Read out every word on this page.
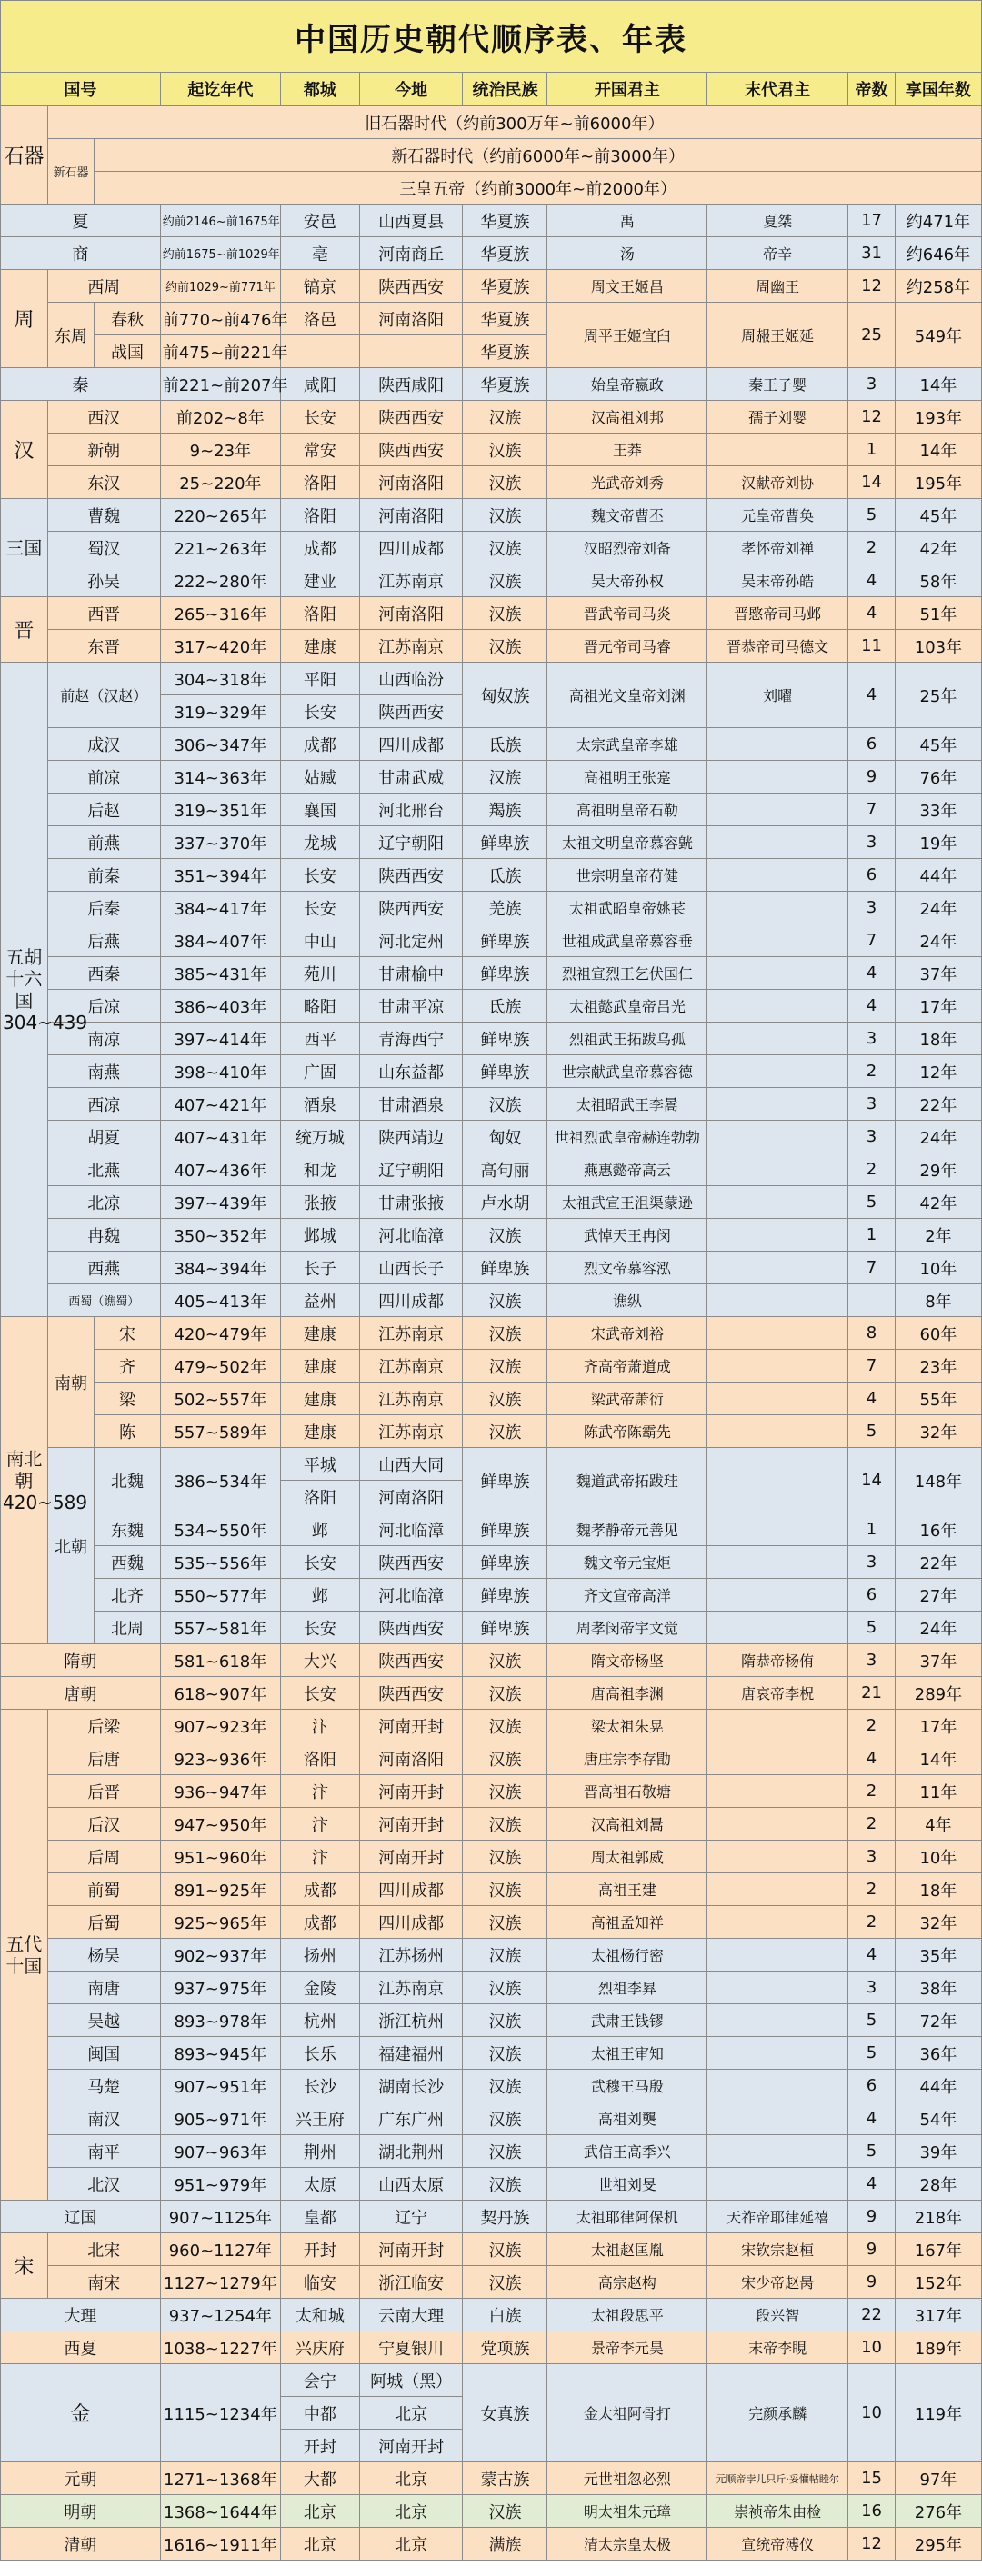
中国历史朝代顺序表、年表
国号			起讫年代	都城	今地	统治民族	开国君主	末代君主	帝数	享国年数
石器	旧石器时代（约前300万年~前6000年）									
	新石器	新石器时代（约前6000年~前3000年）								
		三皇五帝（约前3000年~前2000年）								
夏			约前2146~前1675年	安邑	山西夏县	华夏族	禹	夏桀	17	约471年
商			约前1675~前1029年	亳	河南商丘	华夏族	汤	帝辛	31	约646年
周	西周		约前1029~前771年	镐京	陕西西安	华夏族	周文王姬昌	周幽王	12	约258年
	东周	春秋	前770~前476年	洛邑	河南洛阳	华夏族	周平王姬宜臼	周赧王姬延	25	549年
		战国	前475~前221年			华夏族				
秦			前221~前207年	咸阳	陕西咸阳	华夏族	始皇帝嬴政	秦王子婴	3	14年
汉	西汉		前202~8年	长安	陕西西安	汉族	汉高祖刘邦	孺子刘婴	12	193年
	新朝		9~23年	常安	陕西西安	汉族	王莽		1	14年
	东汉		25~220年	洛阳	河南洛阳	汉族	光武帝刘秀	汉献帝刘协	14	195年
三国	曹魏		220~265年	洛阳	河南洛阳	汉族	魏文帝曹丕	元皇帝曹奂	5	45年
	蜀汉		221~263年	成都	四川成都	汉族	汉昭烈帝刘备	孝怀帝刘禅	2	42年
	孙吴		222~280年	建业	江苏南京	汉族	吴大帝孙权	吴末帝孙皓	4	58年
晋	西晋		265~316年	洛阳	河南洛阳	汉族	晋武帝司马炎	晋愍帝司马邺	4	51年
	东晋		317~420年	建康	江苏南京	汉族	晋元帝司马睿	晋恭帝司马德文	11	103年
五胡十六国304~439	前赵（汉赵）		304~318年	平阳	山西临汾	匈奴族	高祖光文皇帝刘渊	刘曜	4	25年
			319~329年	长安	陕西西安					
	成汉		306~347年	成都	四川成都	氐族	太宗武皇帝李雄		6	45年
	前凉		314~363年	姑臧	甘肃武威	汉族	高祖明王张寔		9	76年
	后赵		319~351年	襄国	河北邢台	羯族	高祖明皇帝石勒		7	33年
	前燕		337~370年	龙城	辽宁朝阳	鲜卑族	太祖文明皇帝慕容皝		3	19年
	前秦		351~394年	长安	陕西西安	氐族	世宗明皇帝苻健		6	44年
	后秦		384~417年	长安	陕西西安	羌族	太祖武昭皇帝姚苌		3	24年
	后燕		384~407年	中山	河北定州	鲜卑族	世祖成武皇帝慕容垂		7	24年
	西秦		385~431年	苑川	甘肃榆中	鲜卑族	烈祖宣烈王乞伏国仁		4	37年
	后凉		386~403年	略阳	甘肃平凉	氐族	太祖懿武皇帝吕光		4	17年
	南凉		397~414年	西平	青海西宁	鲜卑族	烈祖武王拓跋乌孤		3	18年
	南燕		398~410年	广固	山东益都	鲜卑族	世宗献武皇帝慕容德		2	12年
	西凉		407~421年	酒泉	甘肃酒泉	汉族	太祖昭武王李暠		3	22年
	胡夏		407~431年	统万城	陕西靖边	匈奴	世祖烈武皇帝赫连勃勃		3	24年
	北燕		407~436年	和龙	辽宁朝阳	高句丽	燕惠懿帝高云		2	29年
	北凉		397~439年	张掖	甘肃张掖	卢水胡	太祖武宣王沮渠蒙逊		5	42年
	冉魏		350~352年	邺城	河北临漳	汉族	武悼天王冉闵		1	2年
	西燕		384~394年	长子	山西长子	鲜卑族	烈文帝慕容泓		7	10年
	西蜀（谯蜀）		405~413年	益州	四川成都	汉族	谯纵			8年
南北朝420~589	南朝	宋	420~479年	建康	江苏南京	汉族	宋武帝刘裕		8	60年
		齐	479~502年	建康	江苏南京	汉族	齐高帝萧道成		7	23年
		梁	502~557年	建康	江苏南京	汉族	梁武帝萧衍		4	55年
		陈	557~589年	建康	江苏南京	汉族	陈武帝陈霸先		5	32年
	北朝	北魏	386~534年	平城	山西大同	鲜卑族	魏道武帝拓跋珪		14	148年
				洛阳	河南洛阳					
		东魏	534~550年	邺	河北临漳	鲜卑族	魏孝静帝元善见		1	16年
		西魏	535~556年	长安	陕西西安	鲜卑族	魏文帝元宝炬		3	22年
		北齐	550~577年	邺	河北临漳	鲜卑族	齐文宣帝高洋		6	27年
		北周	557~581年	长安	陕西西安	鲜卑族	周孝闵帝宇文觉		5	24年
隋朝			581~618年	大兴	陕西西安	汉族	隋文帝杨坚	隋恭帝杨侑	3	37年
唐朝			618~907年	长安	陕西西安	汉族	唐高祖李渊	唐哀帝李柷	21	289年
五代十国	后梁		907~923年	汴	河南开封	汉族	梁太祖朱晃		2	17年
	后唐		923~936年	洛阳	河南洛阳	汉族	唐庄宗李存勖		4	14年
	后晋		936~947年	汴	河南开封	汉族	晋高祖石敬塘		2	11年
	后汉		947~950年	汴	河南开封	汉族	汉高祖刘暠		2	4年
	后周		951~960年	汴	河南开封	汉族	周太祖郭威		3	10年
	前蜀		891~925年	成都	四川成都	汉族	高祖王建		2	18年
	后蜀		925~965年	成都	四川成都	汉族	高祖孟知祥		2	32年
	杨吴		902~937年	扬州	江苏扬州	汉族	太祖杨行密		4	35年
	南唐		937~975年	金陵	江苏南京	汉族	烈祖李昪		3	38年
	吴越		893~978年	杭州	浙江杭州	汉族	武肃王钱镠		5	72年
	闽国		893~945年	长乐	福建福州	汉族	太祖王审知		5	36年
	马楚		907~951年	长沙	湖南长沙	汉族	武穆王马殷		6	44年
	南汉		905~971年	兴王府	广东广州	汉族	高祖刘龑		4	54年
	南平		907~963年	荆州	湖北荆州	汉族	武信王高季兴		5	39年
	北汉		951~979年	太原	山西太原	汉族	世祖刘旻		4	28年
辽国			907~1125年	皇都	辽宁	契丹族	太祖耶律阿保机	天祚帝耶律延禧	9	218年
宋	北宋		960~1127年	开封	河南开封	汉族	太祖赵匡胤	宋钦宗赵桓	9	167年
	南宋		1127~1279年	临安	浙江临安	汉族	高宗赵构	宋少帝赵昺	9	152年
大理			937~1254年	太和城	云南大理	白族	太祖段思平	段兴智	22	317年
西夏			1038~1227年	兴庆府	宁夏银川	党项族	景帝李元昊	末帝李睍	10	189年
金			1115~1234年	会宁	阿城（黑）	女真族	金太祖阿骨打	完颜承麟	10	119年
				中都	北京					
				开封	河南开封					
元朝			1271~1368年	大都	北京	蒙古族	元世祖忽必烈	元顺帝孛儿只斤·妥懽帖睦尔	15	97年
明朝			1368~1644年	北京	北京	汉族	明太祖朱元璋	崇祯帝朱由检	16	276年
清朝			1616~1911年	北京	北京	满族	清太宗皇太极	宣统帝溥仪	12	295年
